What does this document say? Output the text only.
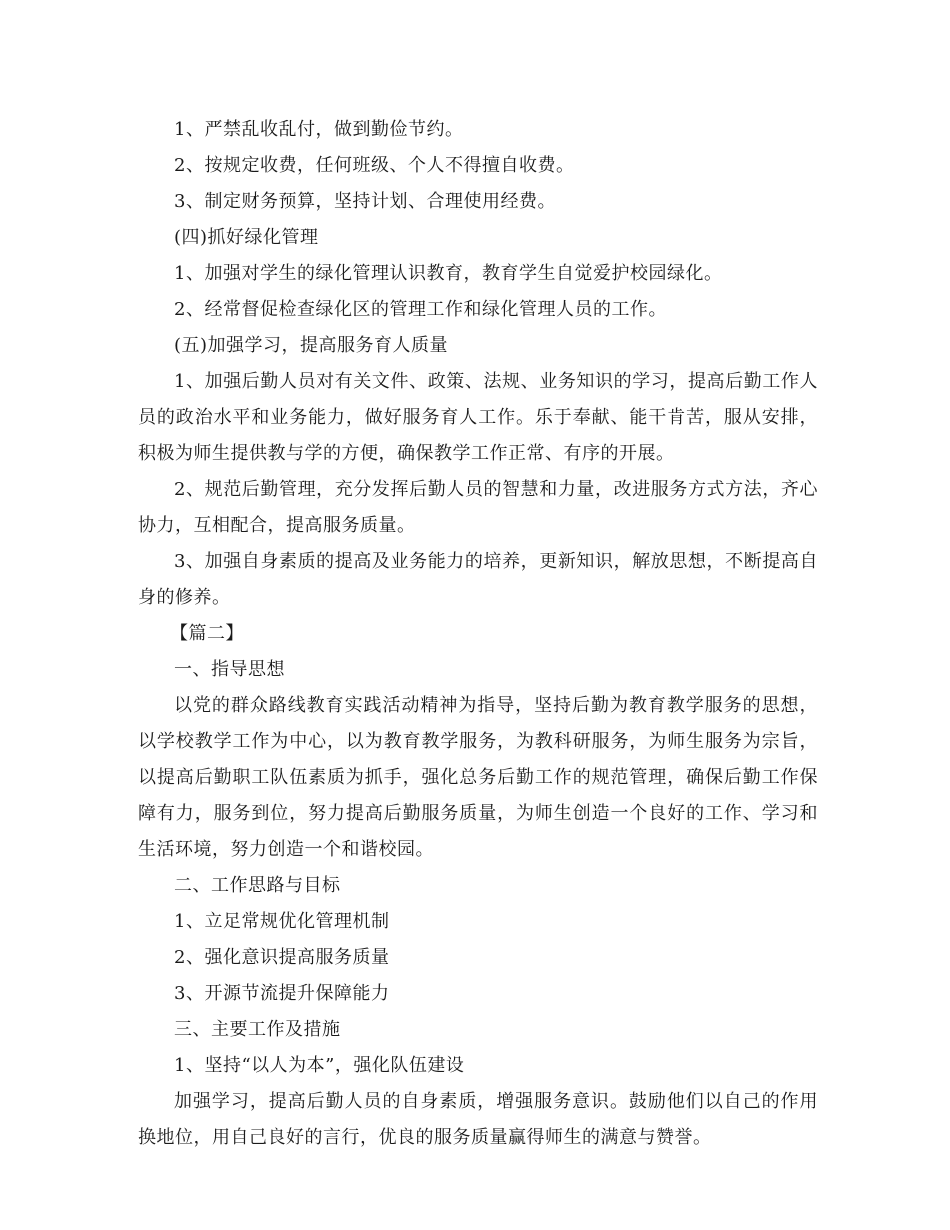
1、严禁乱收乱付，做到勤俭节约。

2、按规定收费，任何班级、个人不得擅自收费。

3、制定财务预算，坚持计划、合理使用经费。

(四)抓好绿化管理

1、加强对学生的绿化管理认识教育，教育学生自觉爱护校园绿化。

2、经常督促检查绿化区的管理工作和绿化管理人员的工作。

(五)加强学习，提高服务育人质量

1、加强后勤人员对有关文件、政策、法规、业务知识的学习，提高后勤工作人员的政治水平和业务能力，做好服务育人工作。乐于奉献、能干肯苦，服从安排，积极为师生提供教与学的方便，确保教学工作正常、有序的开展。

2、规范后勤管理，充分发挥后勤人员的智慧和力量，改进服务方式方法，齐心协力，互相配合，提高服务质量。

3、加强自身素质的提高及业务能力的培养，更新知识，解放思想，不断提高自身的修养。

【篇二】

一、指导思想

以党的群众路线教育实践活动精神为指导，坚持后勤为教育教学服务的思想，以学校教学工作为中心，以为教育教学服务，为教科研服务，为师生服务为宗旨，以提高后勤职工队伍素质为抓手，强化总务后勤工作的规范管理，确保后勤工作保障有力，服务到位，努力提高后勤服务质量，为师生创造一个良好的工作、学习和生活环境，努力创造一个和谐校园。

二、工作思路与目标

1、立足常规优化管理机制

2、强化意识提高服务质量

3、开源节流提升保障能力

三、主要工作及措施

1、坚持“以人为本”，强化队伍建设

加强学习，提高后勤人员的自身素质，增强服务意识。鼓励他们以自己的作用换地位，用自己良好的言行，优良的服务质量赢得师生的满意与赞誉。
